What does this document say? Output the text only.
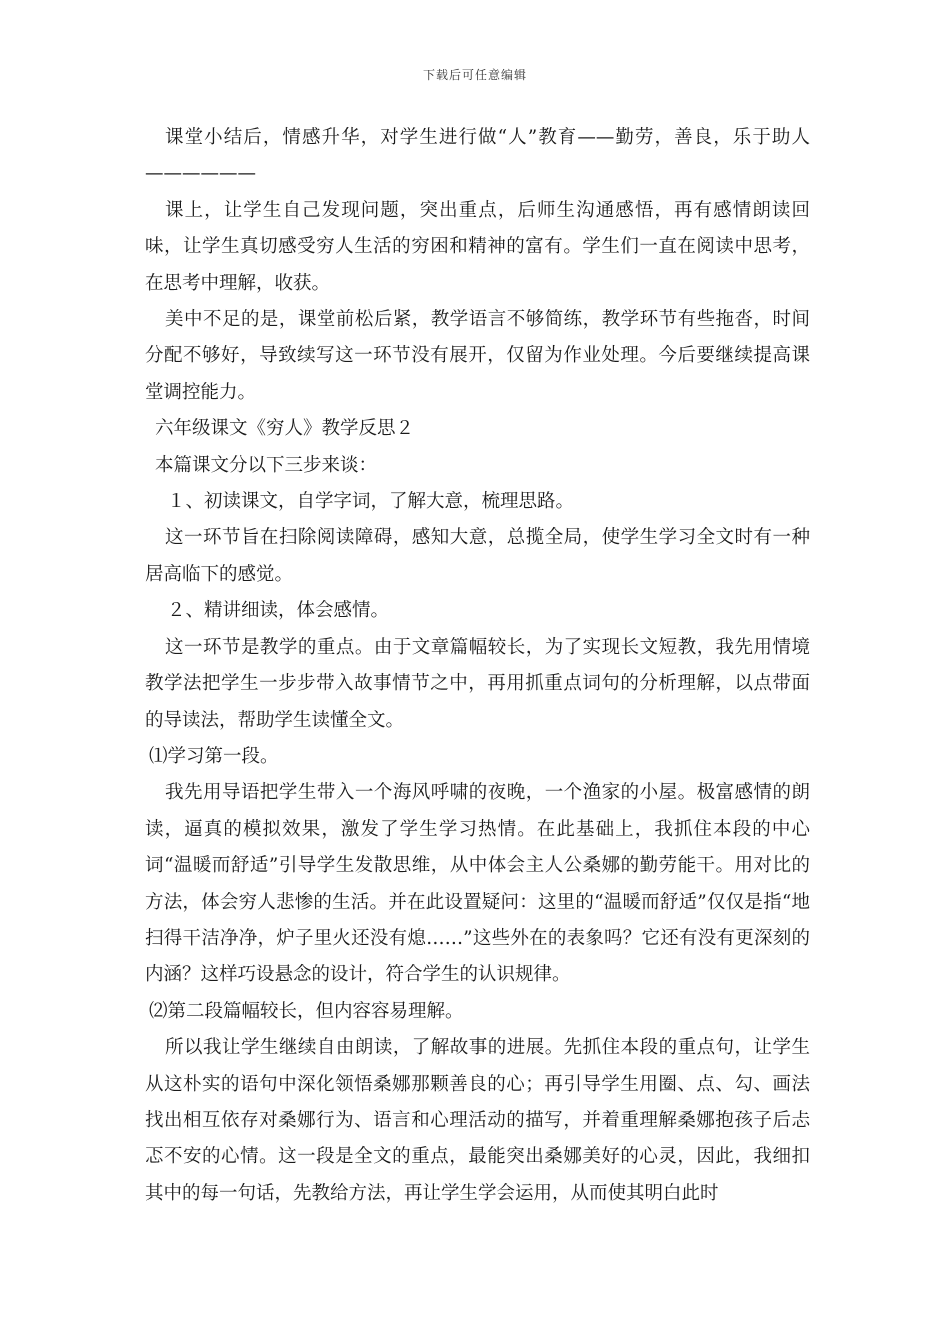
下载后可任意编辑

课堂小结后，情感升华，对学生进行做“人”教育——勤劳，善良，乐于助人——————

课上，让学生自己发现问题，突出重点，后师生沟通感悟，再有感情朗读回味，让学生真切感受穷人生活的穷困和精神的富有。学生们一直在阅读中思考，在思考中理解，收获。

美中不足的是，课堂前松后紧，教学语言不够简练，教学环节有些拖沓，时间分配不够好，导致续写这一环节没有展开，仅留为作业处理。今后要继续提高课堂调控能力。

六年级课文《穷人》教学反思２

本篇课文分以下三步来谈：

１、初读课文，自学字词，了解大意，梳理思路。

这一环节旨在扫除阅读障碍，感知大意，总揽全局，使学生学习全文时有一种居高临下的感觉。

２、精讲细读，体会感情。

这一环节是教学的重点。由于文章篇幅较长，为了实现长文短教，我先用情境教学法把学生一步步带入故事情节之中，再用抓重点词句的分析理解，以点带面的导读法，帮助学生读懂全文。

⑴学习第一段。

我先用导语把学生带入一个海风呼啸的夜晚，一个渔家的小屋。极富感情的朗读，逼真的模拟效果，激发了学生学习热情。在此基础上，我抓住本段的中心词“温暖而舒适”引导学生发散思维，从中体会主人公桑娜的勤劳能干。用对比的方法，体会穷人悲惨的生活。并在此设置疑问：这里的“温暖而舒适”仅仅是指“地扫得干洁净净，炉子里火还没有熄……”这些外在的表象吗？它还有没有更深刻的内涵？这样巧设悬念的设计，符合学生的认识规律。

⑵第二段篇幅较长，但内容容易理解。

所以我让学生继续自由朗读，了解故事的进展。先抓住本段的重点句，让学生从这朴实的语句中深化领悟桑娜那颗善良的心；再引导学生用圈、点、勾、画法找出相互依存对桑娜行为、语言和心理活动的描写，并着重理解桑娜抱孩子后忐忑不安的心情。这一段是全文的重点，最能突出桑娜美好的心灵，因此，我细扣其中的每一句话，先教给方法，再让学生学会运用，从而使其明白此时
